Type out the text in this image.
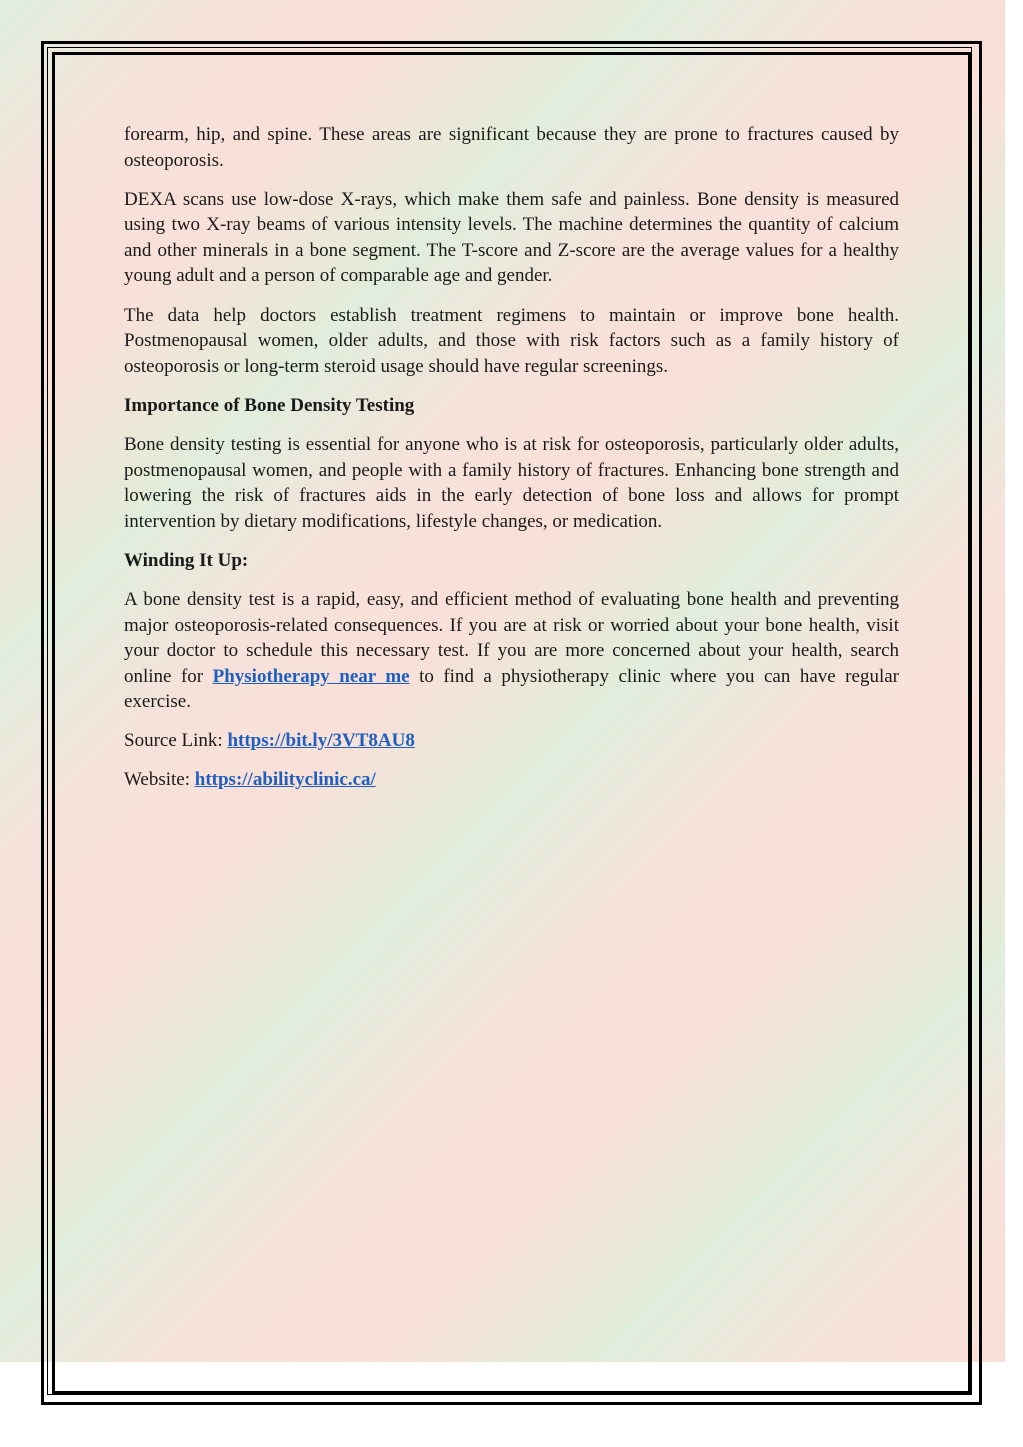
forearm, hip, and spine. These areas are significant because they are prone to fractures caused by osteoporosis.

DEXA scans use low-dose X-rays, which make them safe and painless. Bone density is measured using two X-ray beams of various intensity levels. The machine determines the quantity of calcium and other minerals in a bone segment. The T-score and Z-score are the average values for a healthy young adult and a person of comparable age and gender.

The data help doctors establish treatment regimens to maintain or improve bone health. Postmenopausal women, older adults, and those with risk factors such as a family history of osteoporosis or long-term steroid usage should have regular screenings.

Importance of Bone Density Testing

Bone density testing is essential for anyone who is at risk for osteoporosis, particularly older adults, postmenopausal women, and people with a family history of fractures. Enhancing bone strength and lowering the risk of fractures aids in the early detection of bone loss and allows for prompt intervention by dietary modifications, lifestyle changes, or medication.

Winding It Up:

A bone density test is a rapid, easy, and efficient method of evaluating bone health and preventing major osteoporosis-related consequences. If you are at risk or worried about your bone health, visit your doctor to schedule this necessary test. If you are more concerned about your health, search online for Physiotherapy near me to find a physiotherapy clinic where you can have regular exercise.

Source Link: https://bit.ly/3VT8AU8

Website: https://abilityclinic.ca/
